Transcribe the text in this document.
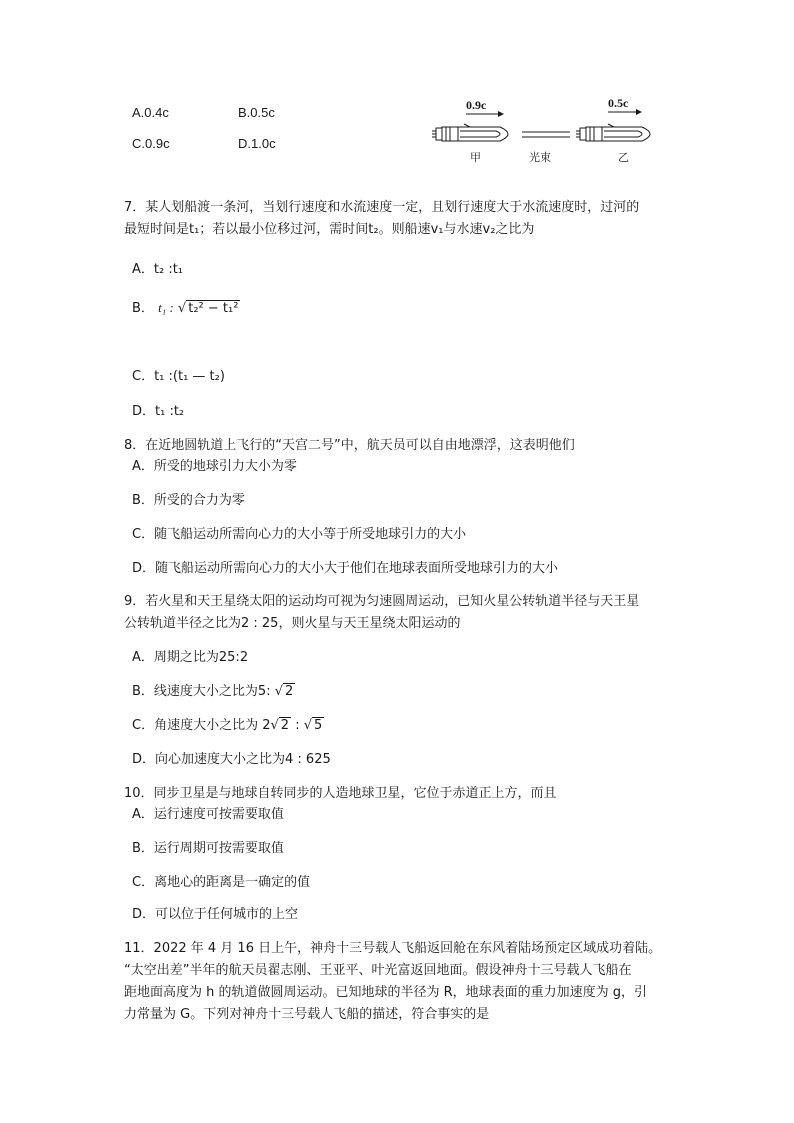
A.0.4c	B.0.5c
C.0.9c	D.1.0c
0.9c
甲	光束
0.5c
乙
7．某人划船渡一条河，当划行速度和水流速度一定，且划行速度大于水流速度时，过河的
最短时间是t₁；若以最小位移过河，需时间t₂。则船速v₁与水速v₂之比为
A．t₂ :t₁
B． t₁ : √ t₂² − t₁²
C．t₁ :(t₁ — t₂)
D．t₁ :t₂
8．在近地圆轨道上飞行的“天宫二号”中，航天员可以自由地漂浮，这表明他们
A．所受的地球引力大小为零
B．所受的合力为零
C．随飞船运动所需向心力的大小等于所受地球引力的大小
D．随飞船运动所需向心力的大小大于他们在地球表面所受地球引力的大小
9．若火星和天王星绕太阳的运动均可视为匀速圆周运动，已知火星公转轨道半径与天王星
公转轨道半径之比为2 : 25，则火星与天王星绕太阳运动的
A．周期之比为25:2
B．线速度大小之比为5: √ 2
C．角速度大小之比为 2√ 2 : √ 5
D．向心加速度大小之比为4 : 625
10．同步卫星是与地球自转同步的人造地球卫星，它位于赤道正上方，而且
A．运行速度可按需要取值
B．运行周期可按需要取值
C．离地心的距离是一确定的值
D．可以位于任何城市的上空
11．2022 年 4 月 16 日上午，神舟十三号载人飞船返回舱在东风着陆场预定区域成功着陆。
“太空出差”半年的航天员翟志刚、王亚平、叶光富返回地面。假设神舟十三号载人飞船在
距地面高度为 h 的轨道做圆周运动。已知地球的半径为 R，地球表面的重力加速度为 g，引
力常量为 G。下列对神舟十三号载人飞船的描述，符合事实的是
